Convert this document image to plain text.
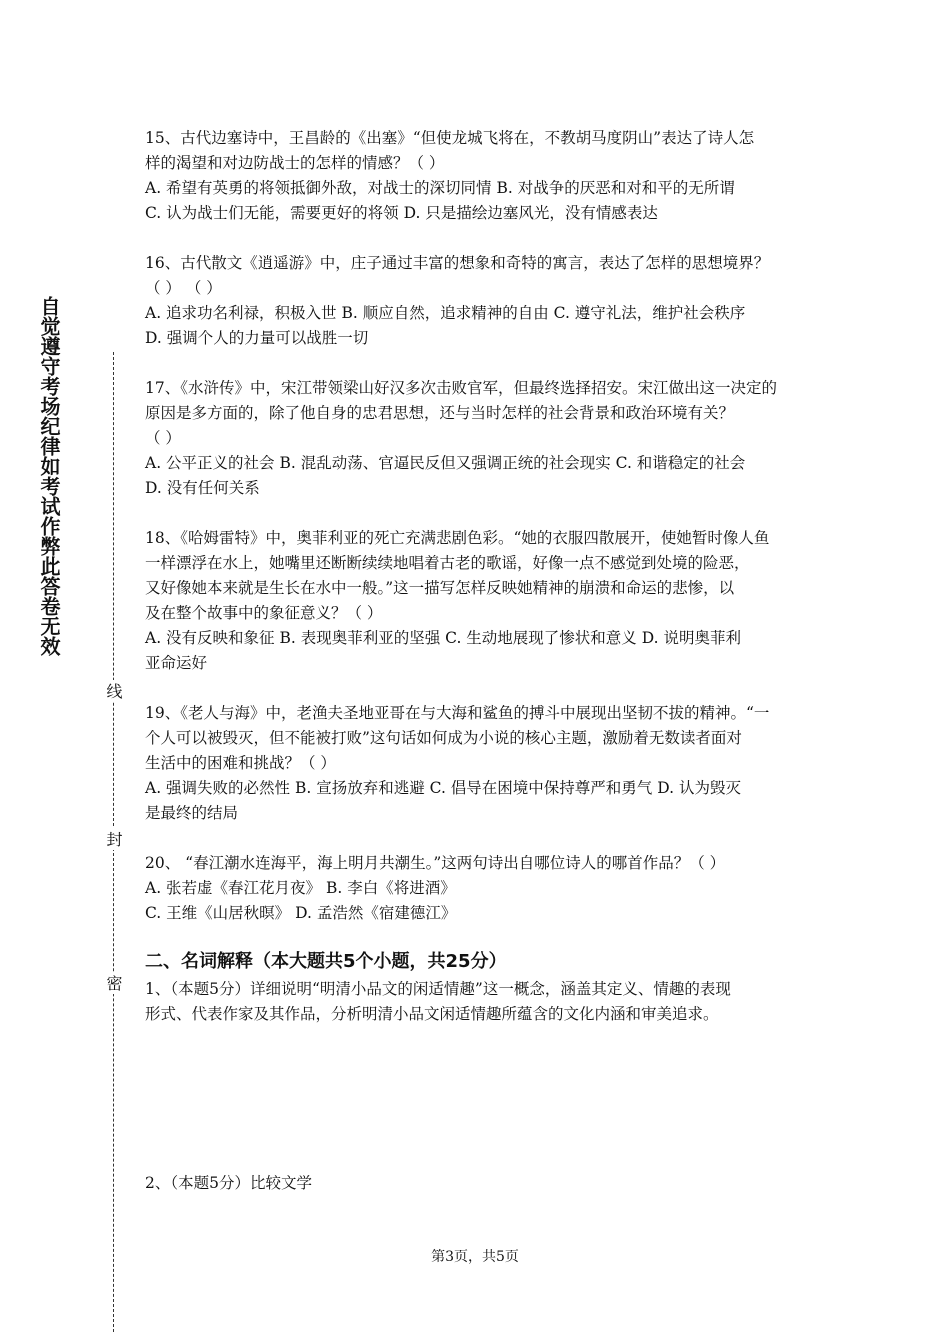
自觉遵守考场纪律如考试作弊此答卷无效
线
封
密

15、古代边塞诗中，王昌龄的《出塞》“但使龙城飞将在，不教胡马度阴山”表达了诗人怎

样的渴望和对边防战士的怎样的情感？（ ）

A. 希望有英勇的将领抵御外敌，对战士的深切同情 B. 对战争的厌恶和对和平的无所谓

C. 认为战士们无能，需要更好的将领 D. 只是描绘边塞风光，没有情感表达

16、古代散文《逍遥游》中，庄子通过丰富的想象和奇特的寓言，表达了怎样的思想境界？

（ ） （ ）

A. 追求功名利禄，积极入世 B. 顺应自然，追求精神的自由 C. 遵守礼法，维护社会秩序

D. 强调个人的力量可以战胜一切

17、《水浒传》中，宋江带领梁山好汉多次击败官军，但最终选择招安。宋江做出这一决定的

原因是多方面的，除了他自身的忠君思想，还与当时怎样的社会背景和政治环境有关？

（ ）

A. 公平正义的社会 B. 混乱动荡、官逼民反但又强调正统的社会现实 C. 和谐稳定的社会

D. 没有任何关系

18、《哈姆雷特》中，奥菲利亚的死亡充满悲剧色彩。“她的衣服四散展开，使她暂时像人鱼

一样漂浮在水上，她嘴里还断断续续地唱着古老的歌谣，好像一点不感觉到处境的险恶，

又好像她本来就是生长在水中一般。”这一描写怎样反映她精神的崩溃和命运的悲惨，以

及在整个故事中的象征意义？（ ）

A. 没有反映和象征 B. 表现奥菲利亚的坚强 C. 生动地展现了惨状和意义 D. 说明奥菲利

亚命运好

19、《老人与海》中，老渔夫圣地亚哥在与大海和鲨鱼的搏斗中展现出坚韧不拔的精神。“一

个人可以被毁灭，但不能被打败”这句话如何成为小说的核心主题，激励着无数读者面对

生活中的困难和挑战？（ ）

A. 强调失败的必然性 B. 宣扬放弃和逃避 C. 倡导在困境中保持尊严和勇气 D. 认为毁灭

是最终的结局

20、 “春江潮水连海平，海上明月共潮生。”这两句诗出自哪位诗人的哪首作品？（ ）

A. 张若虚《春江花月夜》 B. 李白《将进酒》

C. 王维《山居秋暝》 D. 孟浩然《宿建德江》

二、名词解释（本大题共5个小题，共25分）

1、（本题5分）详细说明“明清小品文的闲适情趣”这一概念，涵盖其定义、情趣的表现

形式、代表作家及其作品，分析明清小品文闲适情趣所蕴含的文化内涵和审美追求。

2、（本题5分）比较文学

第3页，共5页
